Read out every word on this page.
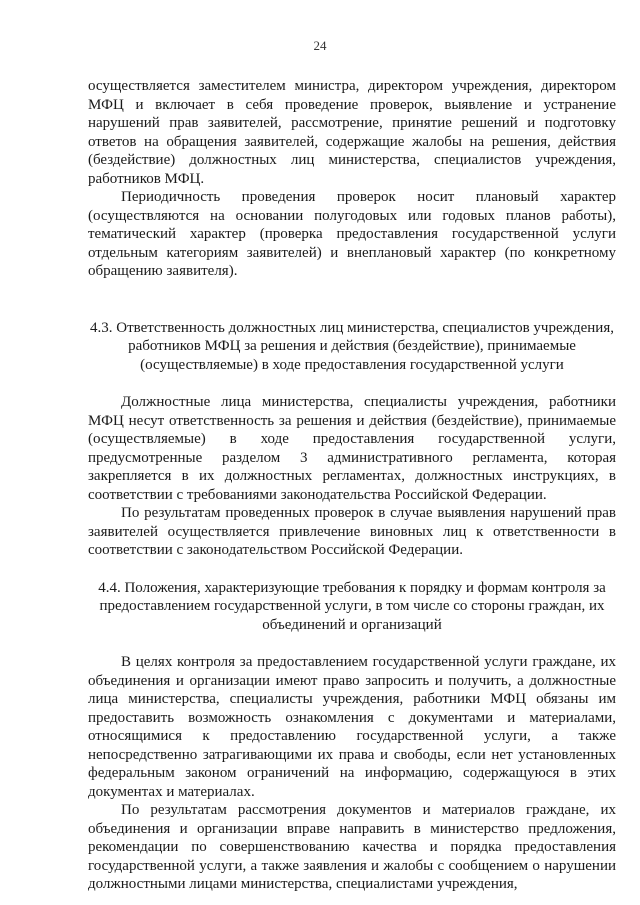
24

осуществляется заместителем министра, директором учреждения, директором МФЦ и включает в себя проведение проверок, выявление и устранение нарушений прав заявителей, рассмотрение, принятие решений и подготовку ответов на обращения заявителей, содержащие жалобы на решения, действия (бездействие) должностных лиц министерства, специалистов учреждения, работников МФЦ.

Периодичность проведения проверок носит плановый характер (осуществляются на основании полугодовых или годовых планов работы), тематический характер (проверка предоставления государственной услуги отдельным категориям заявителей) и внеплановый характер (по конкретному обращению заявителя).

4.3. Ответственность должностных лиц министерства, специалистов учреждения, работников МФЦ за решения и действия (бездействие), принимаемые (осуществляемые) в ходе предоставления государственной услуги

Должностные лица министерства, специалисты учреждения, работники МФЦ несут ответственность за решения и действия (бездействие), принимаемые (осуществляемые) в ходе предоставления государственной услуги, предусмотренные разделом 3 административного регламента, которая закрепляется в их должностных регламентах, должностных инструкциях, в соответствии с требованиями законодательства Российской Федерации.

По результатам проведенных проверок в случае выявления нарушений прав заявителей осуществляется привлечение виновных лиц к ответственности в соответствии с законодательством Российской Федерации.

4.4. Положения, характеризующие требования к порядку и формам контроля за предоставлением государственной услуги, в том числе со стороны граждан, их объединений и организаций

В целях контроля за предоставлением государственной услуги граждане, их объединения и организации имеют право запросить и получить, а должностные лица министерства, специалисты учреждения, работники МФЦ обязаны им предоставить возможность ознакомления с документами и материалами, относящимися к предоставлению государственной услуги, а также непосредственно затрагивающими их права и свободы, если нет установленных федеральным законом ограничений на информацию, содержащуюся в этих документах и материалах.

По результатам рассмотрения документов и материалов граждане, их объединения и организации вправе направить в министерство предложения, рекомендации по совершенствованию качества и порядка предоставления государственной услуги, а также заявления и жалобы с сообщением о нарушении должностными лицами министерства, специалистами учреждения,
